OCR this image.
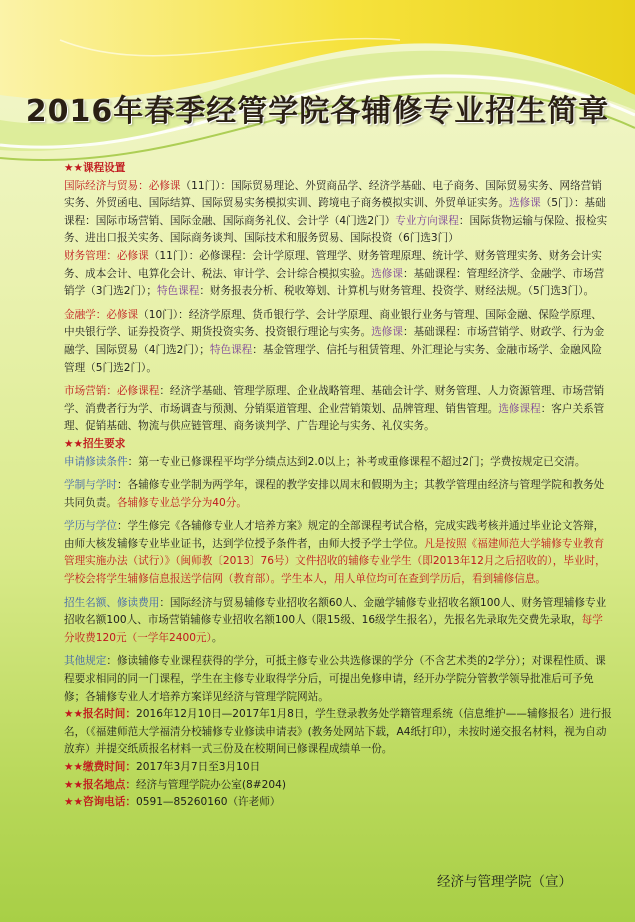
2016年春季经管学院各辅修专业招生简章
★★课程设置

国际经济与贸易：必修课（11门）：国际贸易理论、外贸商品学、经济学基础、电子商务、国际贸易实务、网络营销实务、外贸函电、国际结算、国际贸易实务模拟实训、跨境电子商务模拟实训、外贸单证实务。选修课（5门）：基础课程：国际市场营销、国际金融、国际商务礼仪、会计学（4门选2门）专业方向课程：国际货物运输与保险、报检实务、进出口报关实务、国际商务谈判、国际技术和服务贸易、国际投资（6门选3门）

财务管理：必修课（11门）：必修课程：会计学原理、管理学、财务管理原理、统计学、财务管理实务、财务会计实务、成本会计、电算化会计、税法、审计学、会计综合模拟实验。选修课：基础课程：管理经济学、金融学、市场营销学（3门选2门）；特色课程：财务报表分析、税收筹划、计算机与财务管理、投资学、财经法规。（5门选3门）。

金融学：必修课（10门）：经济学原理、货币银行学、会计学原理、商业银行业务与管理、国际金融、保险学原理、中央银行学、证券投资学、期货投资实务、投资银行理论与实务。选修课：基础课程：市场营销学、财政学、行为金融学、国际贸易（4门选2门）；特色课程：基金管理学、信托与租赁管理、外汇理论与实务、金融市场学、金融风险管理（5门选2门）。

市场营销：必修课程：经济学基础、管理学原理、企业战略管理、基础会计学、财务管理、人力资源管理、市场营销学、消费者行为学、市场调查与预测、分销渠道管理、企业营销策划、品牌管理、销售管理。选修课程：客户关系管理、促销基础、物流与供应链管理、商务谈判学、广告理论与实务、礼仪实务。

★★招生要求

申请修读条件：第一专业已修课程平均学分绩点达到2.0以上；补考或重修课程不超过2门；学费按规定已交清。

学制与学时：各辅修专业学制为两学年，课程的教学安排以周末和假期为主；其教学管理由经济与管理学院和教务处共同负责。各辅修专业总学分为40分。

学历与学位：学生修完《各辅修专业人才培养方案》规定的全部课程考试合格，完成实践考核并通过毕业论文答辩，由师大核发辅修专业毕业证书，达到学位授予条件者，由师大授予学士学位。凡是按照《福建师范大学辅修专业教育管理实施办法（试行）》（闽师教〔2013〕76号）文件招收的辅修专业学生（即2013年12月之后招收的），毕业时，学校会将学生辅修信息报送学信网（教育部）。学生本人，用人单位均可在查到学历后，看到辅修信息。

招生名额、修读费用：国际经济与贸易辅修专业招收名额60人、金融学辅修专业招收名额100人、财务管理辅修专业招收名额100人、市场营销辅修专业招收名额100人（限15级、16级学生报名），先报名先录取先交费先录取，每学分收费120元（一学年2400元）。

其他规定：修读辅修专业课程获得的学分，可抵主修专业公共选修课的学分（不含艺术类的2学分）；对课程性质、课程要求相同的同一门课程，学生在主修专业取得学分后，可提出免修申请，经开办学院分管教学领导批准后可予免修；各辅修专业人才培养方案详见经济与管理学院网站。

★★报名时间：2016年12月10日—2017年1月8日，学生登录教务处学籍管理系统（信息维护——辅修报名）进行报名，（《福建师范大学福清分校辅修专业修读申请表》(教务处网站下载，A4纸打印），未按时递交报名材料，视为自动放弃）并提交纸质报名材料一式三份及在校期间已修课程成绩单一份。

★★缴费时间：2017年3月7日至3月10日

★★报名地点：经济与管理学院办公室(8#204)

★★咨询电话：0591—85260160（许老师）

经济与管理学院（宣）
